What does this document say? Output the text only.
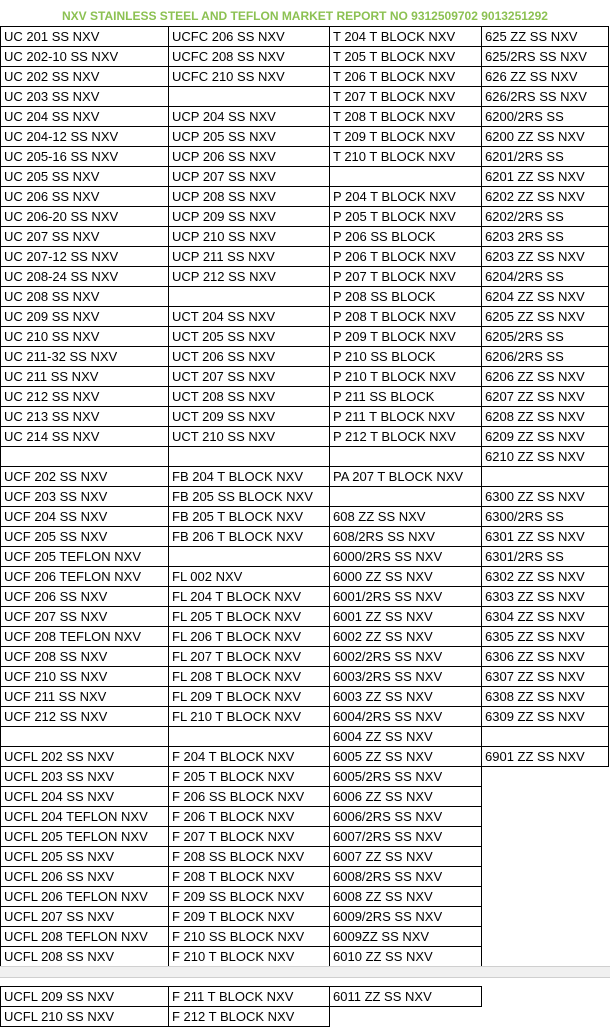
NXV STAINLESS STEEL AND TEFLON MARKET REPORT NO 9312509702 9013251292
UC 201 SS NXV	UCFC 206 SS NXV	T 204 T BLOCK NXV	625 ZZ SS NXV
UC 202-10 SS NXV	UCFC 208 SS NXV	T 205 T BLOCK NXV	625/2RS SS NXV
UC 202 SS NXV	UCFC 210 SS NXV	T 206 T BLOCK NXV	626 ZZ SS NXV
UC 203 SS NXV		T 207 T BLOCK NXV	626/2RS SS NXV
UC 204 SS NXV	UCP 204 SS NXV	T 208 T BLOCK NXV	6200/2RS SS
UC 204-12 SS NXV	UCP 205 SS NXV	T 209 T BLOCK NXV	6200 ZZ SS NXV
UC 205-16 SS NXV	UCP 206 SS NXV	T 210 T BLOCK NXV	6201/2RS SS
UC 205 SS NXV	UCP 207 SS NXV		6201 ZZ SS NXV
UC 206 SS NXV	UCP 208 SS NXV	P 204 T BLOCK NXV	6202 ZZ SS NXV
UC 206-20 SS NXV	UCP 209 SS NXV	P 205 T BLOCK NXV	6202/2RS SS
UC 207 SS NXV	UCP 210 SS NXV	P 206 SS BLOCK	6203 2RS SS
UC 207-12 SS NXV	UCP 211 SS NXV	P 206 T BLOCK NXV	6203 ZZ SS NXV
UC 208-24 SS NXV	UCP 212 SS NXV	P 207 T BLOCK NXV	6204/2RS SS
UC 208 SS NXV		P 208 SS BLOCK	6204 ZZ SS NXV
UC 209 SS NXV	UCT 204 SS NXV	P 208 T BLOCK NXV	6205 ZZ SS NXV
UC 210 SS NXV	UCT 205 SS NXV	P 209 T BLOCK NXV	6205/2RS SS
UC 211-32 SS NXV	UCT 206 SS NXV	P 210 SS BLOCK	6206/2RS SS
UC 211 SS NXV	UCT 207 SS NXV	P 210 T BLOCK NXV	6206 ZZ SS NXV
UC 212 SS NXV	UCT 208 SS NXV	P 211 SS BLOCK	6207 ZZ SS NXV
UC 213 SS NXV	UCT 209 SS NXV	P 211 T BLOCK NXV	6208 ZZ SS NXV
UC 214 SS NXV	UCT 210 SS NXV	P 212 T BLOCK NXV	6209 ZZ SS NXV
			6210 ZZ SS NXV
UCF 202 SS NXV	FB 204 T BLOCK NXV	PA 207 T BLOCK NXV	
UCF 203 SS NXV	FB 205 SS BLOCK NXV		6300 ZZ SS NXV
UCF 204 SS NXV	FB 205 T BLOCK NXV	608 ZZ SS NXV	6300/2RS SS
UCF 205 SS NXV	FB 206 T BLOCK NXV	608/2RS SS NXV	6301 ZZ SS NXV
UCF 205 TEFLON NXV		6000/2RS SS NXV	6301/2RS SS
UCF 206 TEFLON NXV	FL 002 NXV	6000 ZZ SS NXV	6302 ZZ SS NXV
UCF 206 SS NXV	FL 204 T BLOCK NXV	6001/2RS SS NXV	6303 ZZ SS NXV
UCF 207 SS NXV	FL 205 T BLOCK NXV	6001 ZZ SS NXV	6304 ZZ SS NXV
UCF 208 TEFLON NXV	FL 206 T BLOCK NXV	6002 ZZ SS NXV	6305 ZZ SS NXV
UCF 208 SS NXV	FL 207 T BLOCK NXV	6002/2RS SS NXV	6306 ZZ SS NXV
UCF 210 SS NXV	FL 208 T BLOCK NXV	6003/2RS SS NXV	6307 ZZ SS NXV
UCF 211 SS NXV	FL 209 T BLOCK NXV	6003 ZZ SS NXV	6308 ZZ SS NXV
UCF 212 SS NXV	FL 210 T BLOCK NXV	6004/2RS SS NXV	6309 ZZ SS NXV
		6004 ZZ SS NXV	
UCFL 202 SS NXV	F 204 T BLOCK NXV	6005 ZZ SS NXV	6901 ZZ SS NXV
UCFL 203 SS NXV	F 205 T BLOCK NXV	6005/2RS SS NXV	
UCFL 204 SS NXV	F 206 SS BLOCK NXV	6006 ZZ SS NXV	
UCFL 204 TEFLON NXV	F 206 T BLOCK NXV	6006/2RS SS NXV	
UCFL 205 TEFLON NXV	F 207 T BLOCK NXV	6007/2RS SS NXV	
UCFL 205 SS NXV	F 208 SS BLOCK NXV	6007 ZZ SS NXV	
UCFL 206 SS NXV	F 208 T BLOCK NXV	6008/2RS SS NXV	
UCFL 206 TEFLON NXV	F 209 SS BLOCK NXV	6008 ZZ SS NXV	
UCFL 207 SS NXV	F 209 T BLOCK NXV	6009/2RS SS NXV	
UCFL 208 TEFLON NXV	F 210 SS BLOCK NXV	6009ZZ SS NXV	
UCFL 208 SS NXV	F 210 T BLOCK NXV	6010 ZZ SS NXV	
UCFL 209 SS NXV	F 211 T BLOCK NXV	6011 ZZ SS NXV
UCFL 210 SS NXV	F 212 T BLOCK NXV	
